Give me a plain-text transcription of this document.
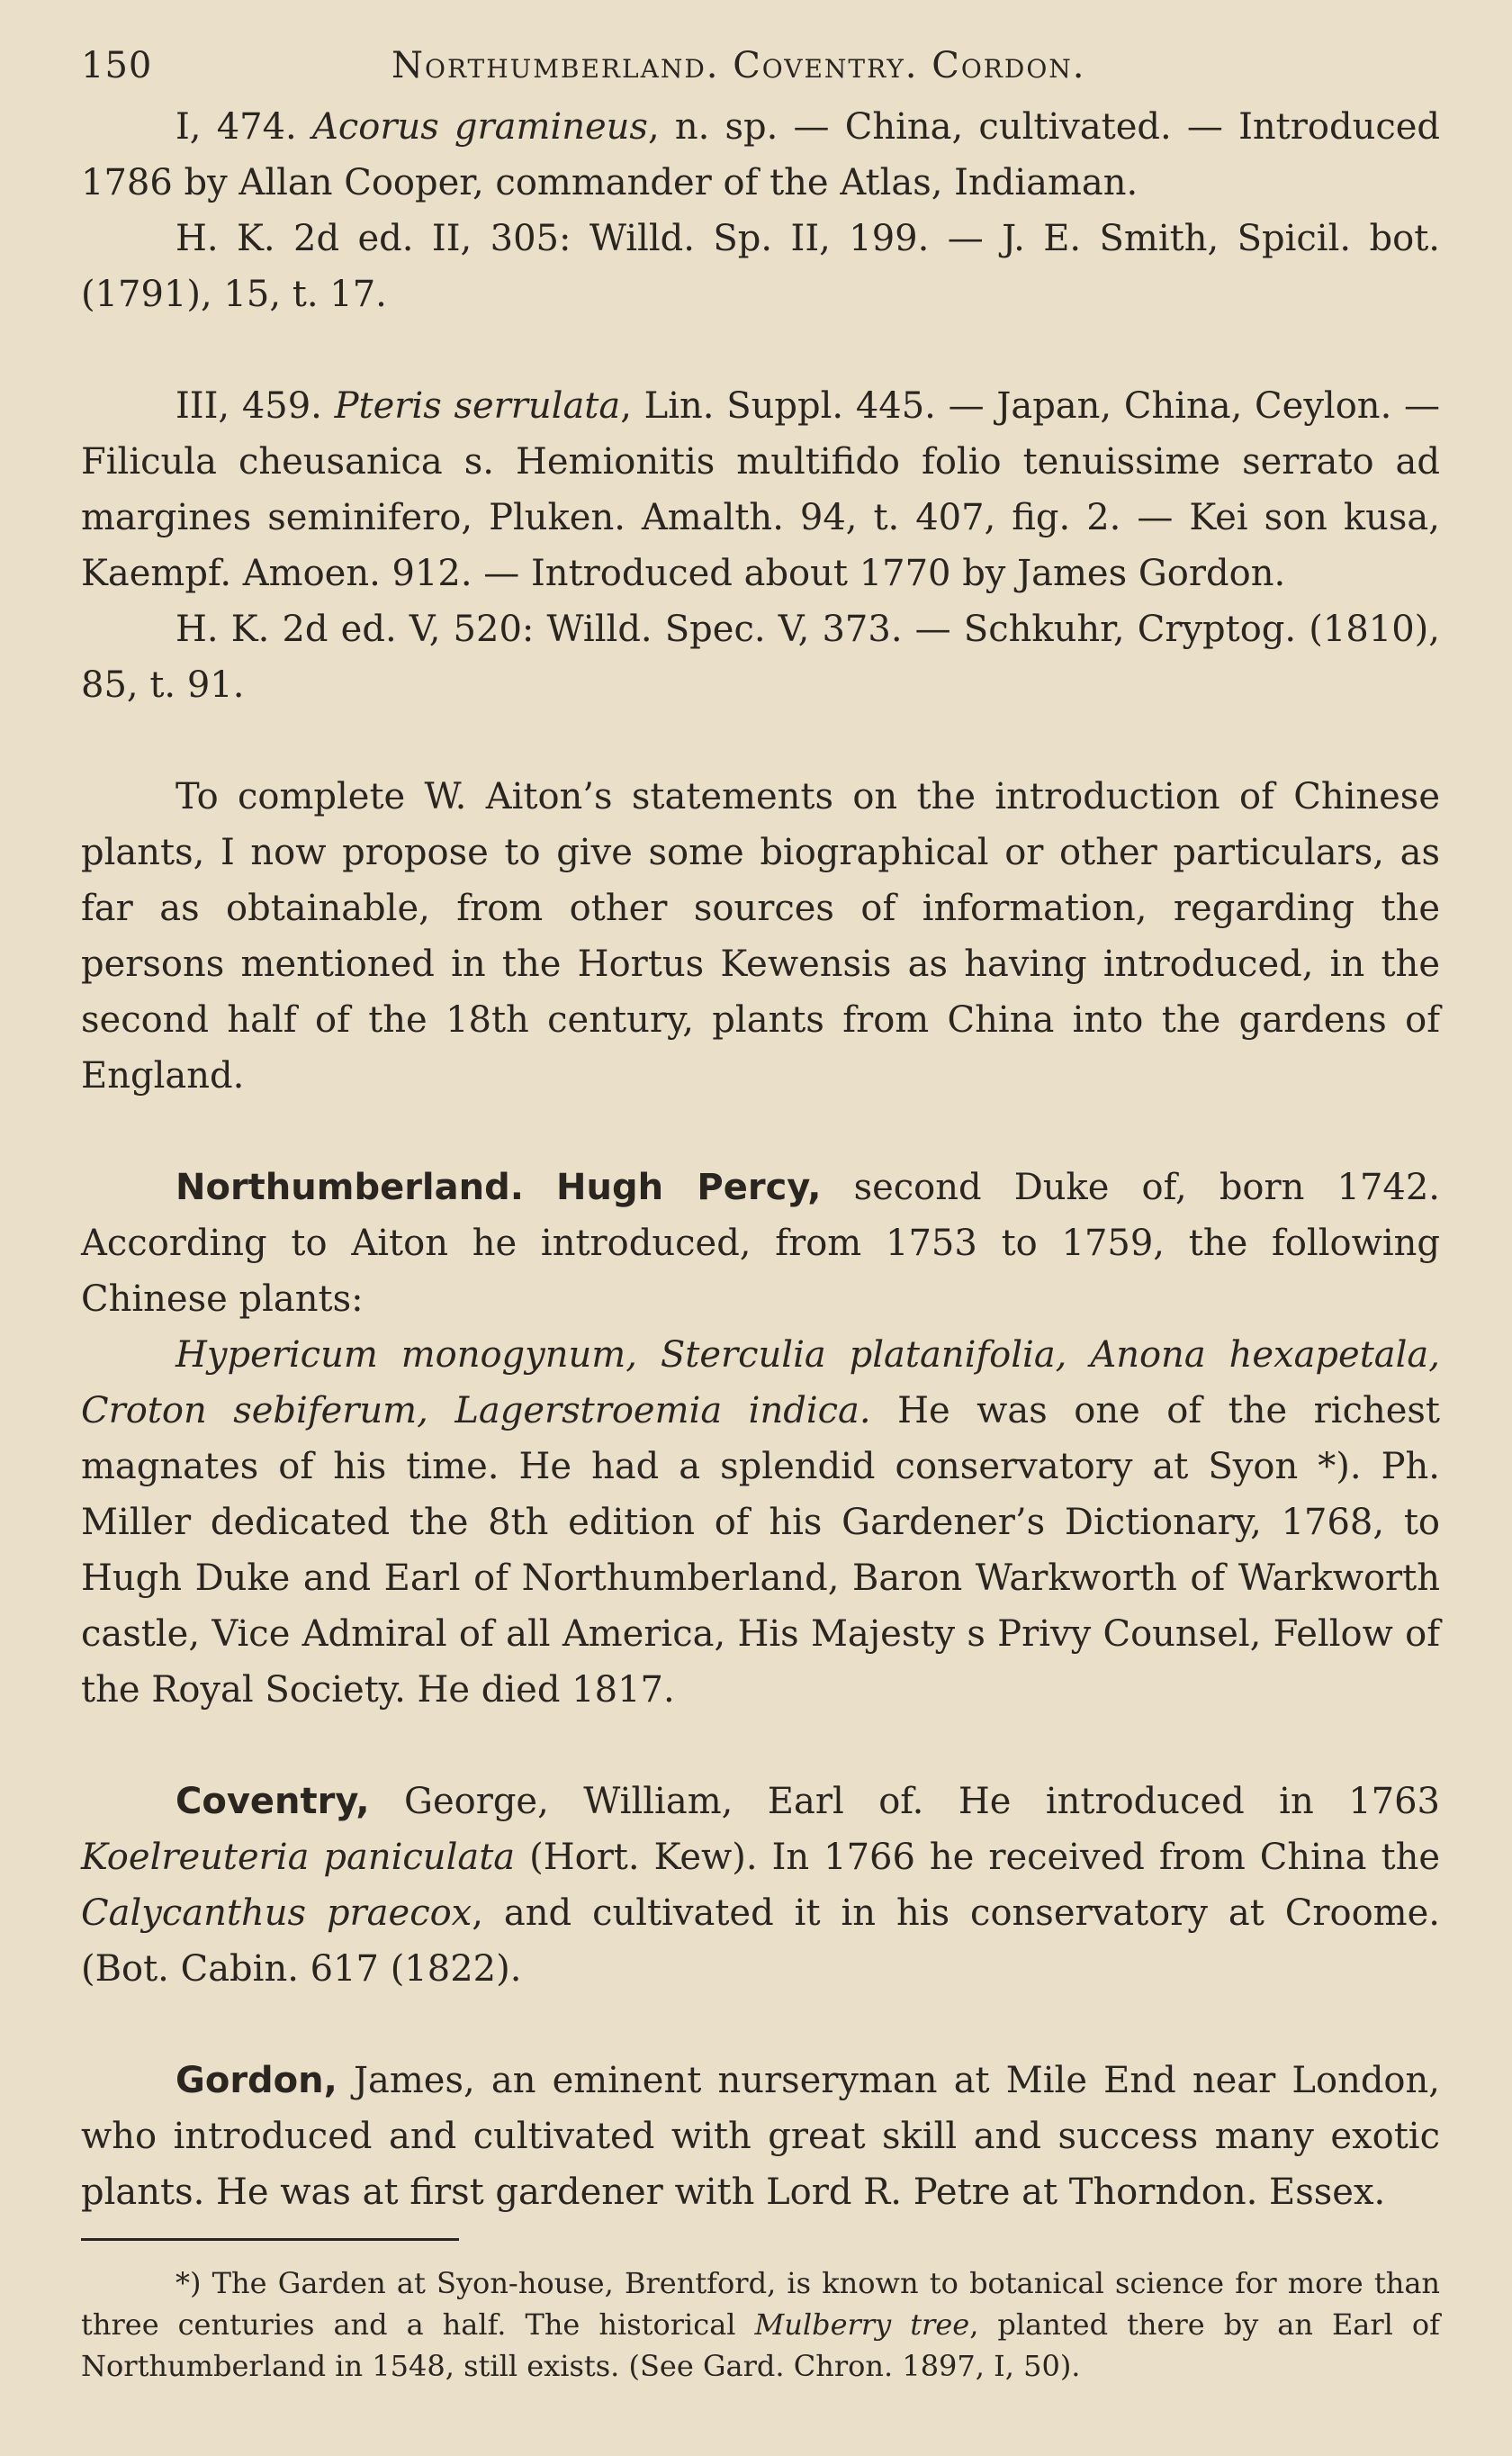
150	Northumberland. Coventry. Cordon.

I, 474. Acorus gramineus, n. sp. — China, cultivated. — Introduced 1786 by Allan Cooper, commander of the Atlas, Indiaman.

H. K. 2d ed. II, 305: Willd. Sp. II, 199. — J. E. Smith, Spicil. bot. (1791), 15, t. 17.

III, 459. Pteris serrulata, Lin. Suppl. 445. — Japan, China, Ceylon. — Filicula cheusanica s. Hemionitis multifido folio tenuissime serrato ad margines seminifero, Pluken. Amalth. 94, t. 407, fig. 2. — Kei son kusa, Kaempf. Amoen. 912. — Introduced about 1770 by James Gordon.

H. K. 2d ed. V, 520: Willd. Spec. V, 373. — Schkuhr, Cryptog. (1810), 85, t. 91.

To complete W. Aiton’s statements on the introduction of Chinese plants, I now propose to give some biographical or other particulars, as far as obtainable, from other sources of information, regarding the persons mentioned in the Hortus Kewensis as having introduced, in the second half of the 18th century, plants from China into the gardens of England.

Northumberland. Hugh Percy, second Duke of, born 1742. According to Aiton he introduced, from 1753 to 1759, the following Chinese plants:

Hypericum monogynum, Sterculia platanifolia, Anona hexapetala, Croton sebiferum, Lagerstroemia indica. He was one of the richest magnates of his time. He had a splendid conservatory at Syon *). Ph. Miller dedicated the 8th edition of his Gardener’s Dictionary, 1768, to Hugh Duke and Earl of Northumberland, Baron Warkworth of Warkworth castle, Vice Admiral of all America, His Majesty s Privy Counsel, Fellow of the Royal Society. He died 1817.

Coventry, George, William, Earl of. He introduced in 1763 Koelreuteria paniculata (Hort. Kew). In 1766 he received from China the Calycanthus praecox, and cultivated it in his conservatory at Croome. (Bot. Cabin. 617 (1822).

Gordon, James, an eminent nurseryman at Mile End near London, who introduced and cultivated with great skill and success many exotic plants. He was at first gardener with Lord R. Petre at Thorndon. Essex.

*) The Garden at Syon-house, Brentford, is known to botanical science for more than three centuries and a half. The historical Mulberry tree, planted there by an Earl of Northumberland in 1548, still exists. (See Gard. Chron. 1897, I, 50).
